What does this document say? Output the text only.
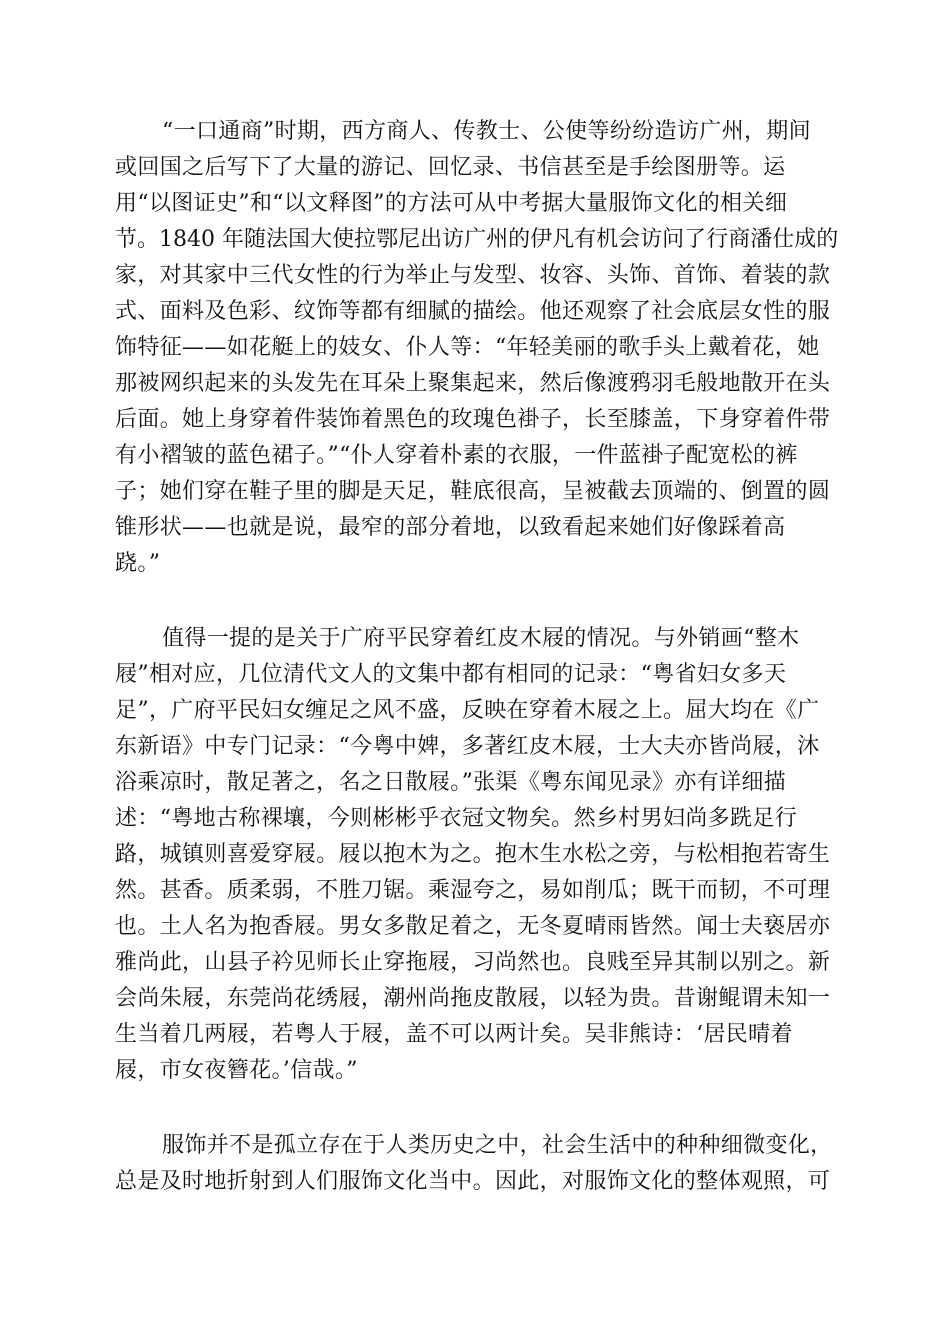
“一口通商”时期，西方商人、传教士、公使等纷纷造访广州，期间

或回国之后写下了大量的游记、回忆录、书信甚至是手绘图册等。运

用“以图证史”和“以文释图”的方法可从中考据大量服饰文化的相关细

节。1840 年随法国大使拉鄂尼出访广州的伊凡有机会访问了行商潘仕成的

家，对其家中三代女性的行为举止与发型、妆容、头饰、首饰、着装的款

式、面料及色彩、纹饰等都有细腻的描绘。他还观察了社会底层女性的服

饰特征——如花艇上的妓女、仆人等：“年轻美丽的歌手头上戴着花，她

那被网织起来的头发先在耳朵上聚集起来，然后像渡鸦羽毛般地散开在头

后面。她上身穿着件装饰着黑色的玫瑰色褂子，长至膝盖，下身穿着件带

有小褶皱的蓝色裙子。”“仆人穿着朴素的衣服，一件蓝褂子配宽松的裤

子；她们穿在鞋子里的脚是天足，鞋底很高，呈被截去顶端的、倒置的圆

锥形状——也就是说，最窄的部分着地，以致看起来她们好像踩着高

跷。”

值得一提的是关于广府平民穿着红皮木屐的情况。与外销画“整木

屐”相对应，几位清代文人的文集中都有相同的记录：“粤省妇女多天

足”，广府平民妇女缠足之风不盛，反映在穿着木屐之上。屈大均在《广

东新语》中专门记录：“今粤中婢，多著红皮木屐，士大夫亦皆尚屐，沐

浴乘凉时，散足著之，名之日散屐。”张渠《粤东闻见录》亦有详细描

述：“粤地古称裸壤，今则彬彬乎衣冠文物矣。然乡村男妇尚多跣足行

路，城镇则喜爱穿屐。屐以抱木为之。抱木生水松之旁，与松相抱若寄生

然。甚香。质柔弱，不胜刀锯。乘湿夸之，易如削瓜；既干而韧，不可理

也。土人名为抱香屐。男女多散足着之，无冬夏晴雨皆然。闻士夫亵居亦

雅尚此，山县子衿见师长止穿拖屐，习尚然也。良贱至异其制以别之。新

会尚朱屐，东莞尚花绣屐，潮州尚拖皮散屐，以轻为贵。昔谢鲲谓未知一

生当着几两屐，若粤人于屐，盖不可以两计矣。吴非熊诗：‘居民晴着

屐，市女夜簪花。’信哉。”

服饰并不是孤立存在于人类历史之中，社会生活中的种种细微变化，

总是及时地折射到人们服饰文化当中。因此，对服饰文化的整体观照，可
